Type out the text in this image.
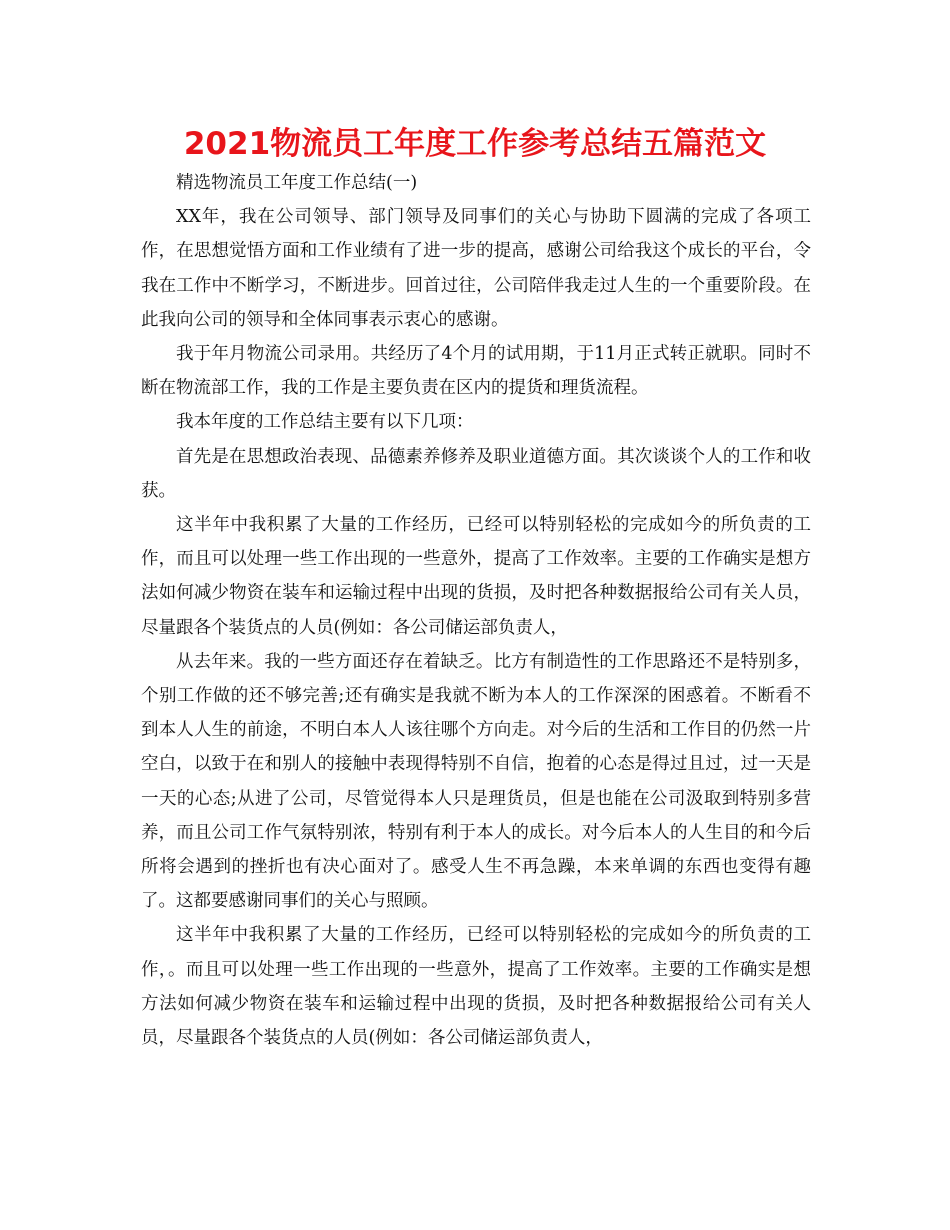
2021物流员工年度工作参考总结五篇范文

精选物流员工年度工作总结(一)

XX年，我在公司领导、部门领导及同事们的关心与协助下圆满的完成了各项工作，在思想觉悟方面和工作业绩有了进一步的提高，感谢公司给我这个成长的平台，令我在工作中不断学习，不断进步。回首过往，公司陪伴我走过人生的一个重要阶段。在此我向公司的领导和全体同事表示衷心的感谢。

我于年月物流公司录用。共经历了4个月的试用期，于11月正式转正就职。同时不断在物流部工作，我的工作是主要负责在区内的提货和理货流程。

我本年度的工作总结主要有以下几项：

首先是在思想政治表现、品德素养修养及职业道德方面。其次谈谈个人的工作和收获。

这半年中我积累了大量的工作经历，已经可以特别轻松的完成如今的所负责的工作，而且可以处理一些工作出现的一些意外，提高了工作效率。主要的工作确实是想方法如何减少物资在装车和运输过程中出现的货损，及时把各种数据报给公司有关人员，尽量跟各个装货点的人员(例如：各公司储运部负责人，

从去年来。我的一些方面还存在着缺乏。比方有制造性的工作思路还不是特别多，个别工作做的还不够完善;还有确实是我就不断为本人的工作深深的困惑着。不断看不到本人人生的前途，不明白本人人该往哪个方向走。对今后的生活和工作目的仍然一片空白，以致于在和别人的接触中表现得特别不自信，抱着的心态是得过且过，过一天是一天的心态;从进了公司，尽管觉得本人只是理货员，但是也能在公司汲取到特别多营养，而且公司工作气氛特别浓，特别有利于本人的成长。对今后本人的人生目的和今后所将会遇到的挫折也有决心面对了。感受人生不再急躁，本来单调的东西也变得有趣了。这都要感谢同事们的关心与照顾。

这半年中我积累了大量的工作经历，已经可以特别轻松的完成如今的所负责的工作，。而且可以处理一些工作出现的一些意外，提高了工作效率。主要的工作确实是想方法如何减少物资在装车和运输过程中出现的货损，及时把各种数据报给公司有关人员，尽量跟各个装货点的人员(例如：各公司储运部负责人，
